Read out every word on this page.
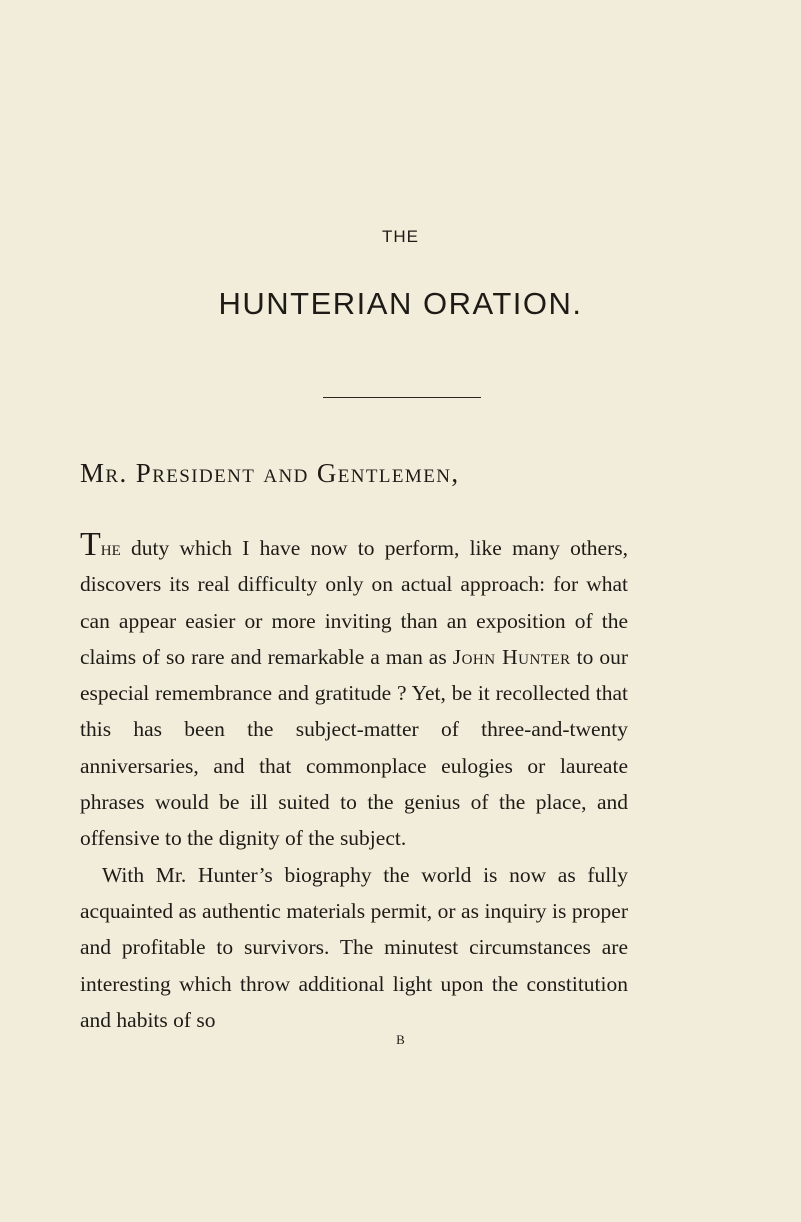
THE
HUNTERIAN ORATION.
Mr. President and Gentlemen,

The duty which I have now to perform, like many others, discovers its real difficulty only on actual approach: for what can appear easier or more inviting than an exposition of the claims of so rare and remarkable a man as John Hunter to our especial remembrance and gratitude ? Yet, be it recollected that this has been the subject-matter of three-and-twenty anniversaries, and that commonplace eulogies or laureate phrases would be ill suited to the genius of the place, and offensive to the dignity of the subject.

With Mr. Hunter’s biography the world is now as fully acquainted as authentic materials permit, or as inquiry is proper and profitable to survivors. The minutest circumstances are interesting which throw additional light upon the constitution and habits of so

B
